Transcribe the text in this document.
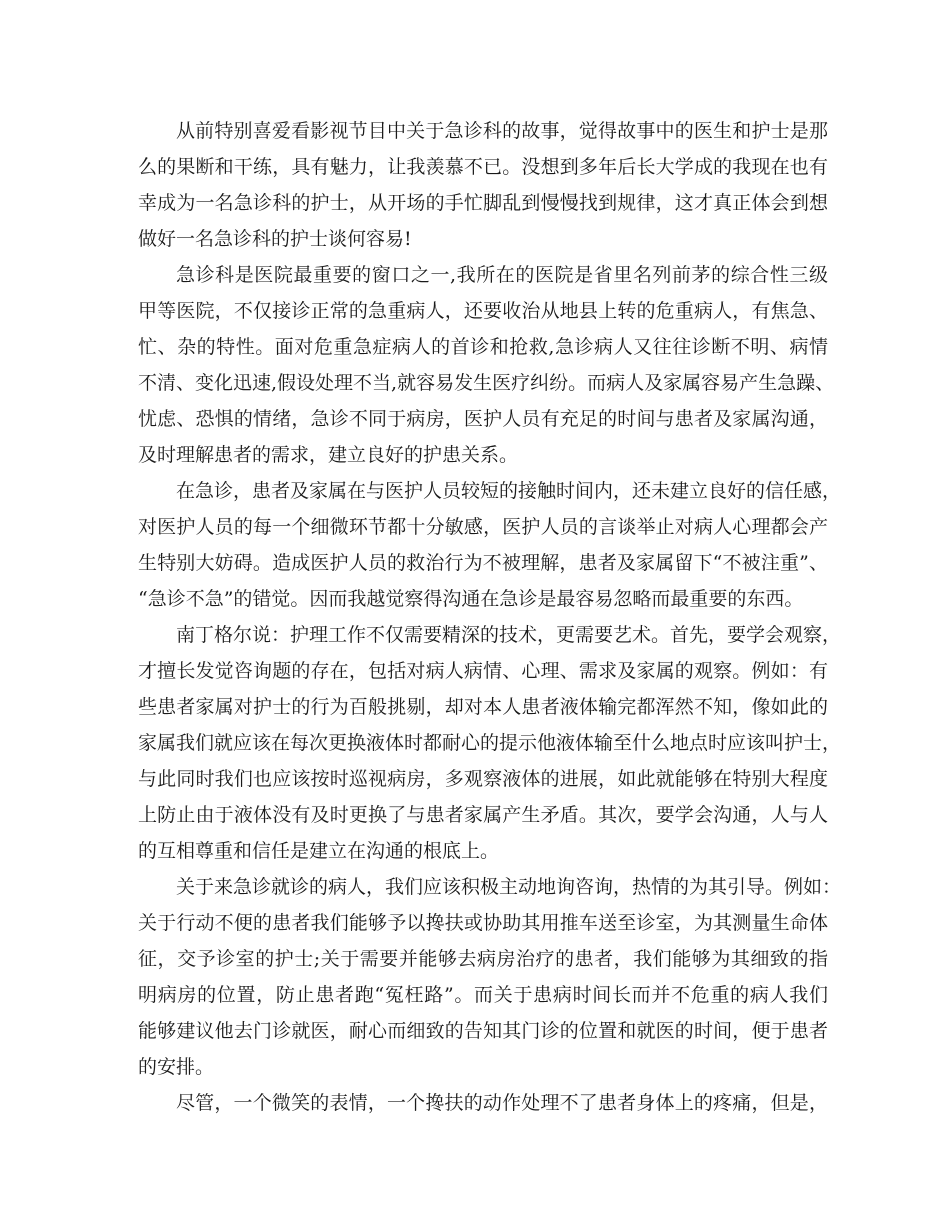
从前特别喜爱看影视节目中关于急诊科的故事，觉得故事中的医生和护士是那
么的果断和干练，具有魅力，让我羡慕不已。没想到多年后长大学成的我现在也有
幸成为一名急诊科的护士，从开场的手忙脚乱到慢慢找到规律，这才真正体会到想
做好一名急诊科的护士谈何容易!
急诊科是医院最重要的窗口之一,我所在的医院是省里名列前茅的综合性三级
甲等医院，不仅接诊正常的急重病人，还要收治从地县上转的危重病人，有焦急、
忙、杂的特性。面对危重急症病人的首诊和抢救,急诊病人又往往诊断不明、病情
不清、变化迅速,假设处理不当,就容易发生医疗纠纷。而病人及家属容易产生急躁、
忧虑、恐惧的情绪，急诊不同于病房，医护人员有充足的时间与患者及家属沟通，
及时理解患者的需求，建立良好的护患关系。
在急诊，患者及家属在与医护人员较短的接触时间内，还未建立良好的信任感，
对医护人员的每一个细微环节都十分敏感，医护人员的言谈举止对病人心理都会产
生特别大妨碍。造成医护人员的救治行为不被理解，患者及家属留下“不被注重”、
“急诊不急”的错觉。因而我越觉察得沟通在急诊是最容易忽略而最重要的东西。
南丁格尔说：护理工作不仅需要精深的技术，更需要艺术。首先，要学会观察，
才擅长发觉咨询题的存在，包括对病人病情、心理、需求及家属的观察。例如：有
些患者家属对护士的行为百般挑剔，却对本人患者液体输完都浑然不知，像如此的
家属我们就应该在每次更换液体时都耐心的提示他液体输至什么地点时应该叫护士，
与此同时我们也应该按时巡视病房，多观察液体的进展，如此就能够在特别大程度
上防止由于液体没有及时更换了与患者家属产生矛盾。其次，要学会沟通，人与人
的互相尊重和信任是建立在沟通的根底上。
关于来急诊就诊的病人，我们应该积极主动地询咨询，热情的为其引导。例如：
关于行动不便的患者我们能够予以搀扶或协助其用推车送至诊室，为其测量生命体
征，交予诊室的护士;关于需要并能够去病房治疗的患者，我们能够为其细致的指
明病房的位置，防止患者跑“冤枉路”。而关于患病时间长而并不危重的病人我们
能够建议他去门诊就医，耐心而细致的告知其门诊的位置和就医的时间，便于患者
的安排。
尽管，一个微笑的表情，一个搀扶的动作处理不了患者身体上的疼痛，但是，
